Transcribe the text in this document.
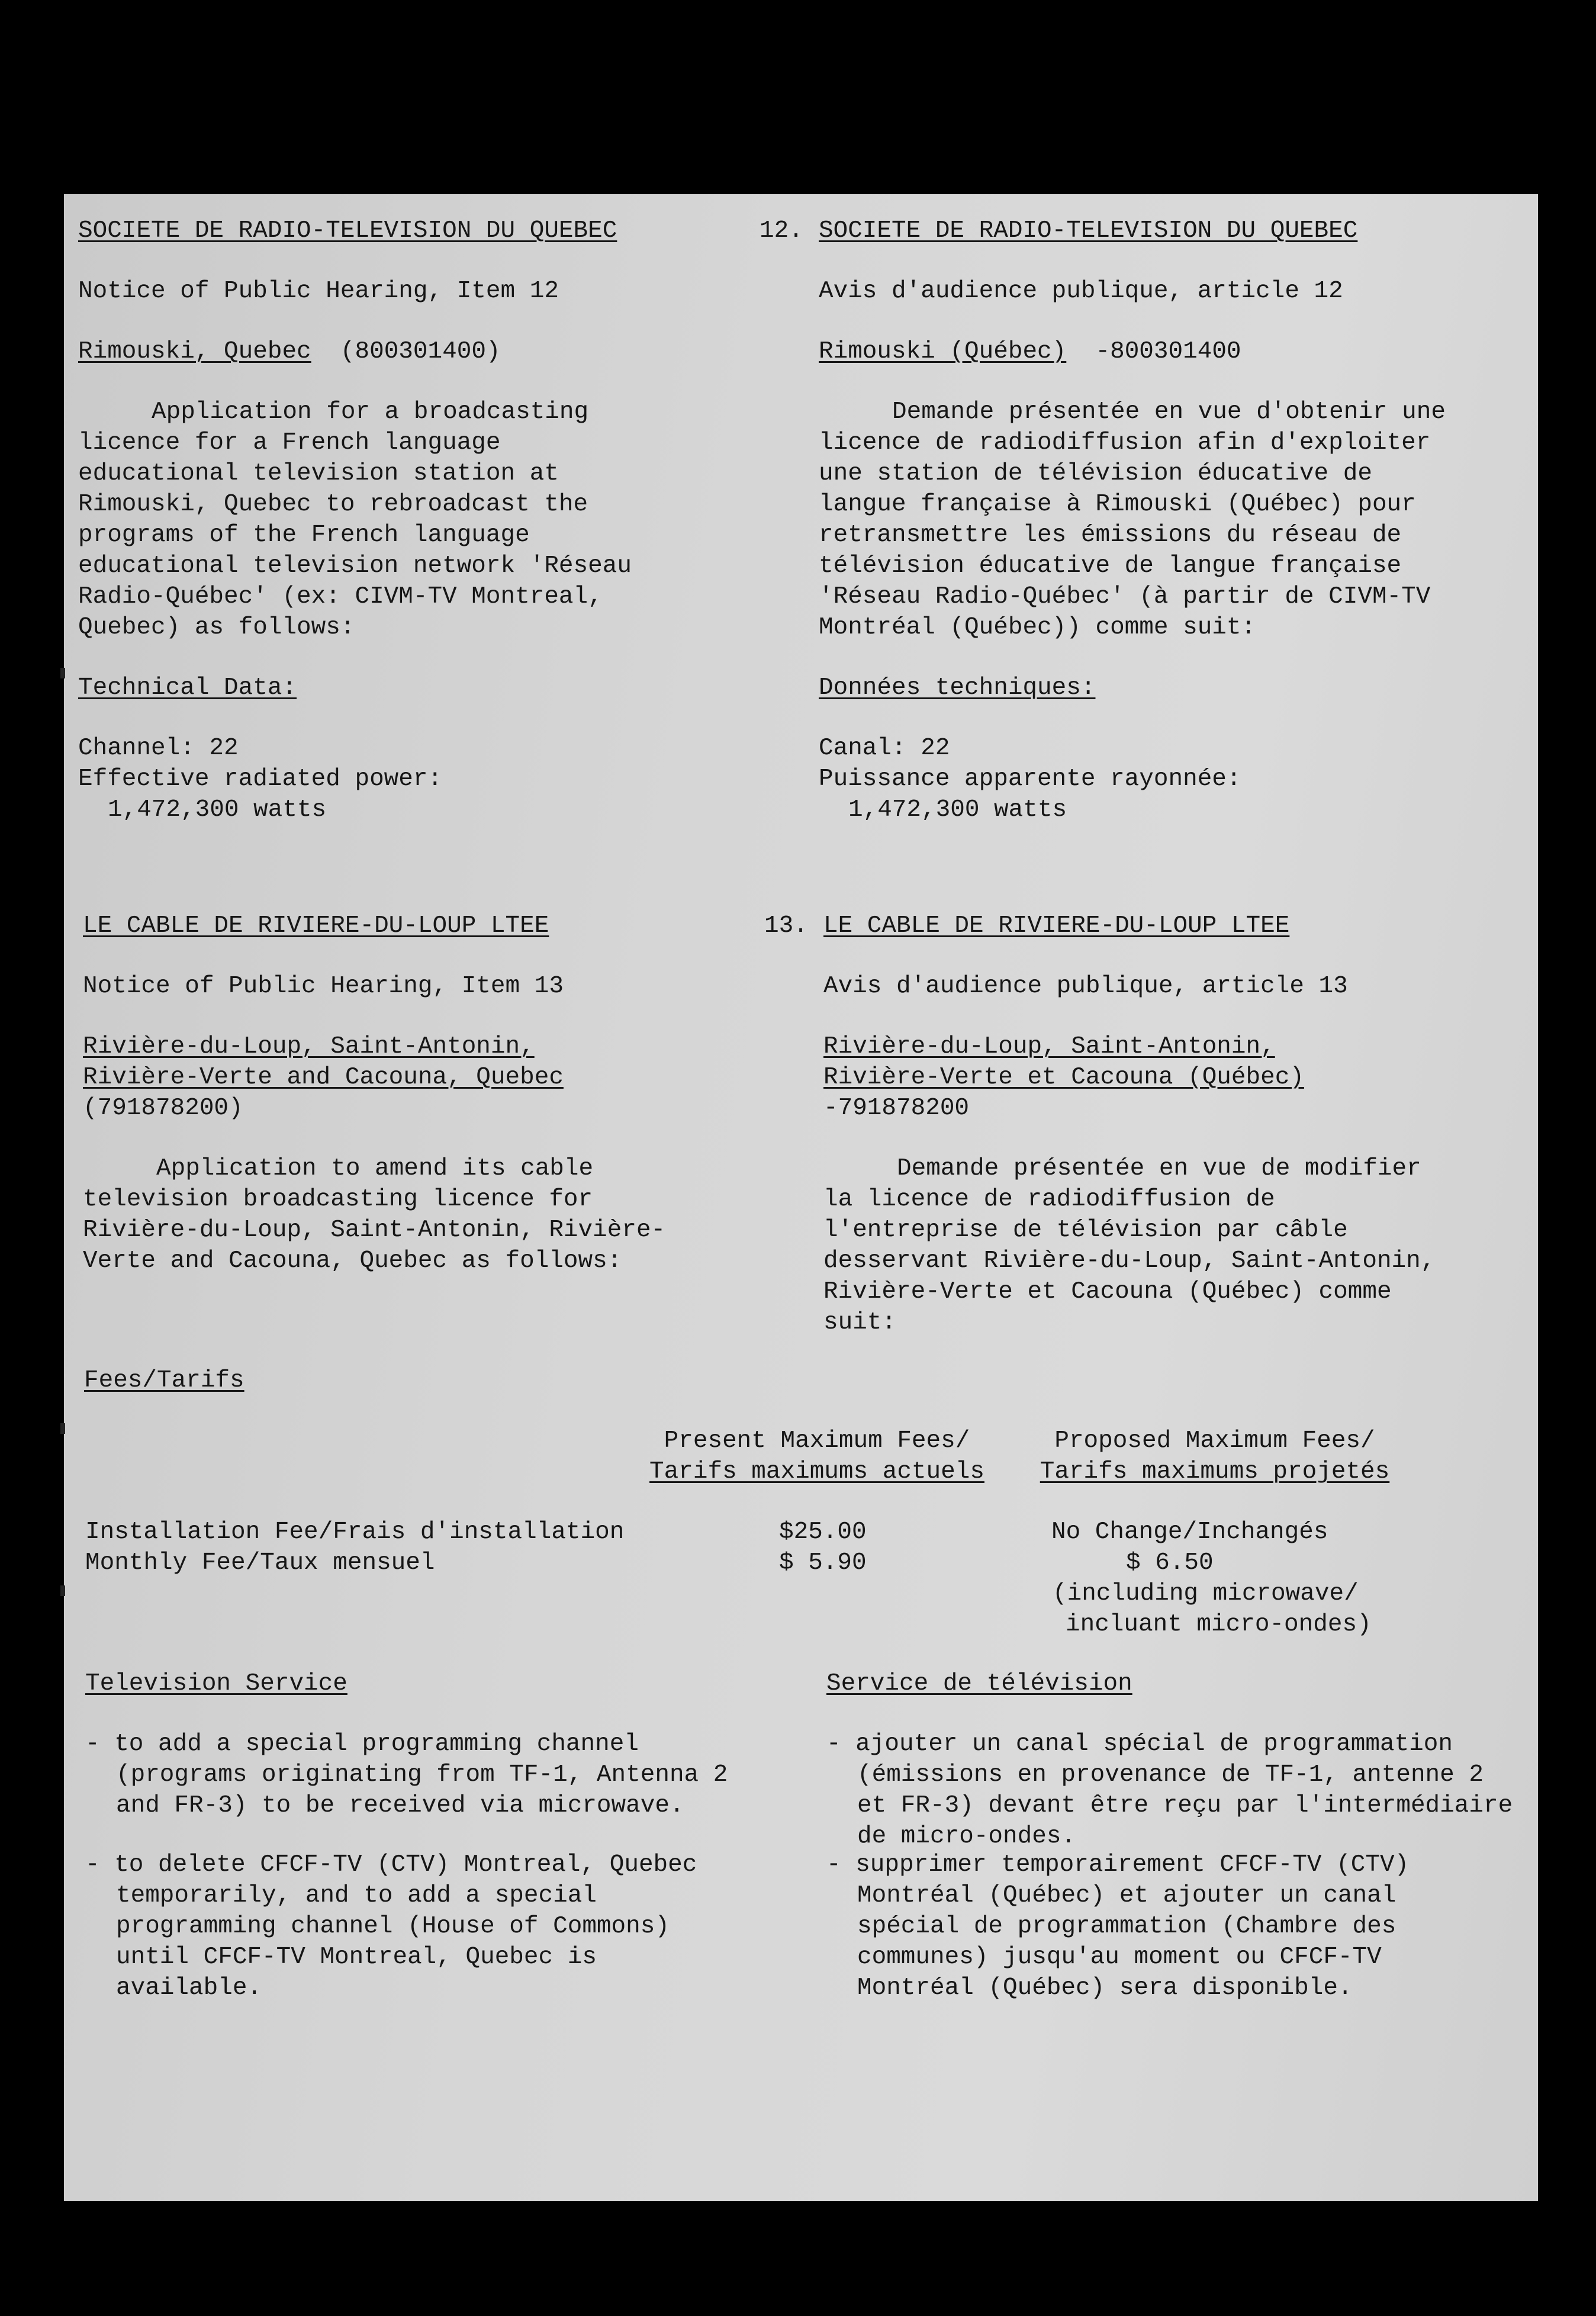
SOCIETE DE RADIO-TELEVISION DU QUEBEC
Notice of Public Hearing, Item 12
Rimouski, Quebec (800301400)
Application for a broadcasting licence for a French language educational television station at Rimouski, Quebec to rebroadcast the programs of the French language educational television network 'Réseau Radio-Québec' (ex: CIVM-TV Montreal, Quebec) as follows:
Technical Data:
Channel: 22
Effective radiated power:
1,472,300 watts
12. SOCIETE DE RADIO-TELEVISION DU QUEBEC
Avis d'audience publique, article 12
Rimouski (Québec) -800301400
Demande présentée en vue d'obtenir une licence de radiodiffusion afin d'exploiter une station de télévision éducative de langue française à Rimouski (Québec) pour retransmettre les émissions du réseau de télévision éducative de langue française 'Réseau Radio-Québec' (à partir de CIVM-TV Montréal (Québec)) comme suit:
Données techniques:
Canal: 22
Puissance apparente rayonnée:
1,472,300 watts
LE CABLE DE RIVIERE-DU-LOUP LTEE
Notice of Public Hearing, Item 13
Rivière-du-Loup, Saint-Antonin,
Rivière-Verte and Cacouna, Quebec
(791878200)
Application to amend its cable television broadcasting licence for Rivière-du-Loup, Saint-Antonin, Rivière-Verte and Cacouna, Quebec as follows:
13. LE CABLE DE RIVIERE-DU-LOUP LTEE
Avis d'audience publique, article 13
Rivière-du-Loup, Saint-Antonin,
Rivière-Verte et Cacouna (Québec)
-791878200
Demande présentée en vue de modifier la licence de radiodiffusion de l'entreprise de télévision par câble desservant Rivière-du-Loup, Saint-Antonin, Rivière-Verte et Cacouna (Québec) comme suit:
Fees/Tarifs
Present Maximum Fees/
Tarifs maximums actuels
Proposed Maximum Fees/
Tarifs maximums projetés
Installation Fee/Frais d'installation	$25.00	No Change/Inchangés
Monthly Fee/Taux mensuel	$ 5.90	$ 6.50
(including microwave/
incluant micro-ondes)
Television Service	Service de télévision
- to add a special programming channel (programs originating from TF-1, Antenna 2 and FR-3) to be received via microwave.
- to delete CFCF-TV (CTV) Montreal, Quebec temporarily, and to add a special programming channel (House of Commons) until CFCF-TV Montreal, Quebec is available.
- ajouter un canal spécial de programmation (émissions en provenance de TF-1, antenne 2 et FR-3) devant être reçu par l'intermédiaire de micro-ondes.
- supprimer temporairement CFCF-TV (CTV) Montréal (Québec) et ajouter un canal spécial de programmation (Chambre des communes) jusqu'au moment ou CFCF-TV Montréal (Québec) sera disponible.
